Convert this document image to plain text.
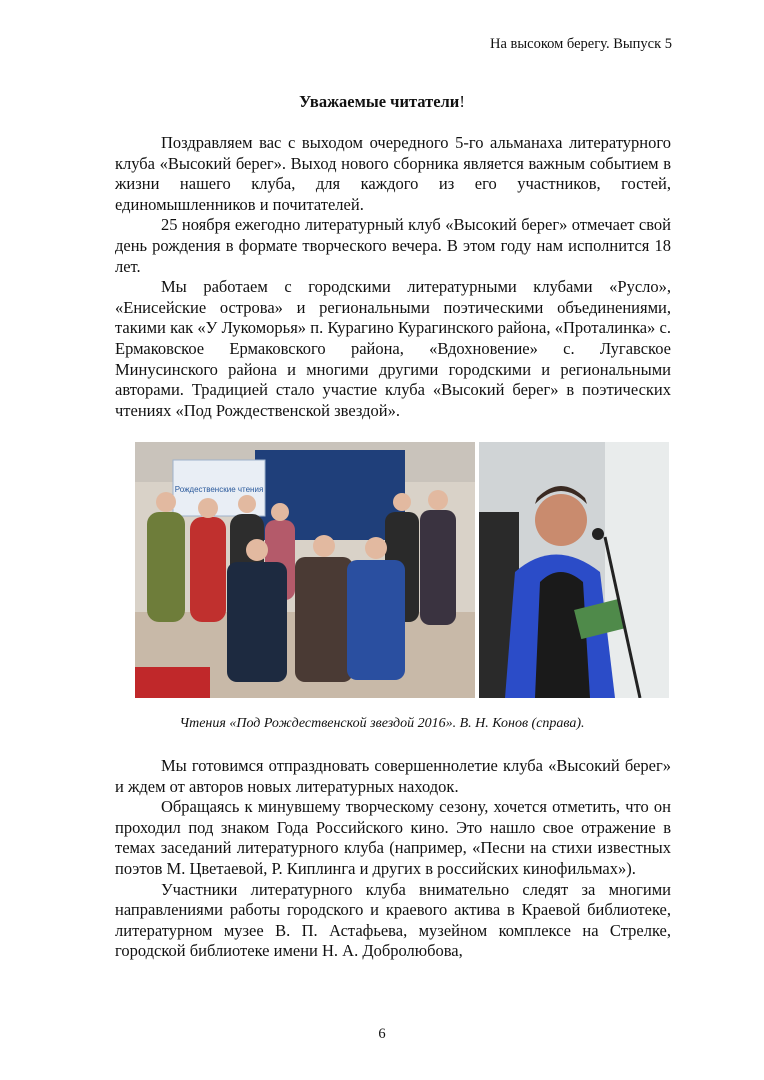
На высоком берегу. Выпуск 5
Уважаемые читатели!

Поздравляем вас с выходом очередного 5-го альманаха литературного клуба «Высокий берег». Выход нового сборника является важным событием в жизни нашего клуба, для каждого из его участников, гостей, единомышленников и почитателей.

25 ноября ежегодно литературный клуб «Высокий берег» отмечает свой день рождения в формате творческого вечера. В этом году нам исполнится 18 лет.

Мы работаем с городскими литературными клубами «Русло», «Енисейские острова» и региональными поэтическими объединениями, такими как «У Лукоморья» п. Курагино Курагинского района, «Проталинка» с. Ермаковское Ермаковского района, «Вдохновение» с. Лугавское Минусинского района и многими другими городскими и региональными авторами. Традицией стало участие клуба «Высокий берег» в поэтических чтениях «Под Рождественской звездой».

Рождественские чтения
Чтения «Под Рождественской звездой 2016». В. Н. Конов (справа).

Мы готовимся отпраздновать совершеннолетие клуба «Высокий берег» и ждем от авторов новых литературных находок.

Обращаясь к минувшему творческому сезону, хочется отметить, что он проходил под знаком Года Российского кино. Это нашло свое отражение в темах заседаний литературного клуба (например, «Песни на стихи известных поэтов М. Цветаевой, Р. Киплинга и других в российских кинофильмах»).

Участники литературного клуба внимательно следят за многими направлениями работы городского и краевого актива в Краевой библиотеке, литературном музее В. П. Астафьева, музейном комплексе на Стрелке, городской библиотеке имени Н. А. Добролюбова,

6
